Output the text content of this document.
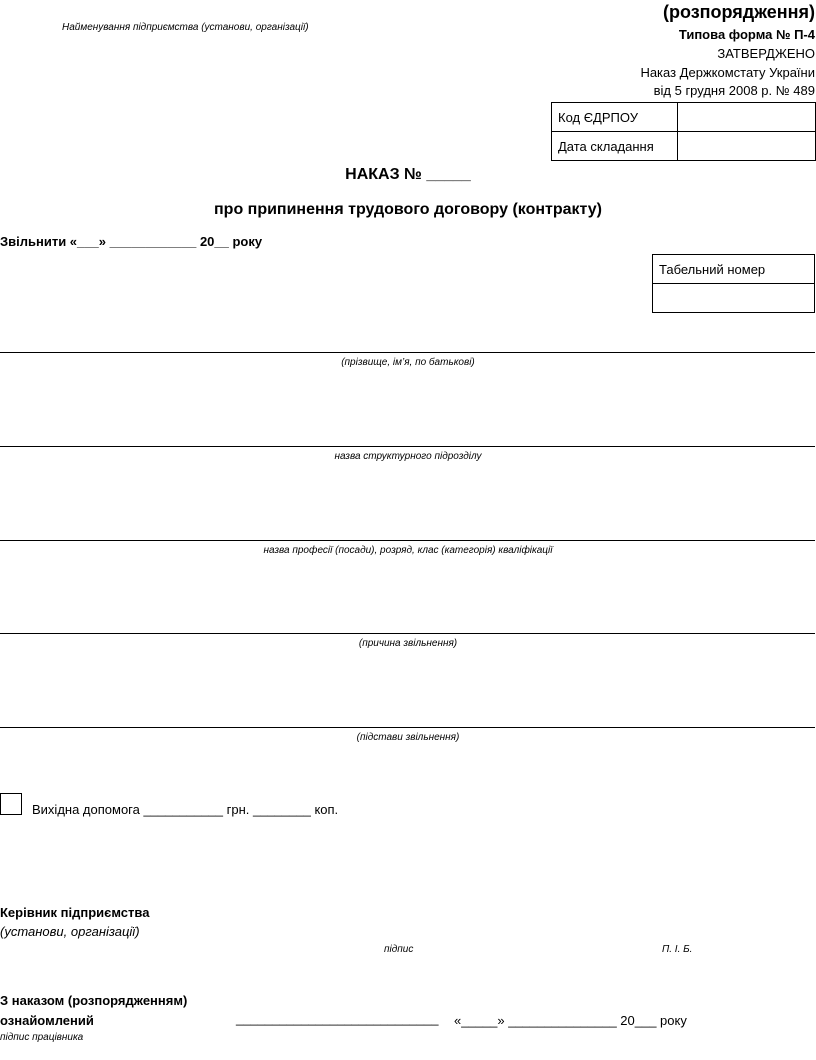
Найменування підприємства (установи, організації)
(розпорядження)
Типова форма № П-4
ЗАТВЕРДЖЕНО
Наказ Держкомстату України
від 5 грудня 2008 р. № 489
Код ЄДРПОУ	
Дата складання	
НАКАЗ № _____
про припинення трудового договору (контракту)
Звільнити «___» ____________ 20__ року
Табельний номер

(прізвище, ім’я, по батькові)
назва структурного підрозділу
назва професії (посади), розряд, клас (категорія) кваліфікації
(причина звільнення)
(підстави звільнення)
Вихідна допомога ___________ грн. ________ коп.
Керівник підприємства
(установи, організації)
підпис	П. І. Б.
З наказом (розпорядженням)
ознайомлений	____________________________ «_____» _______________ 20___ року
підпис працівника
